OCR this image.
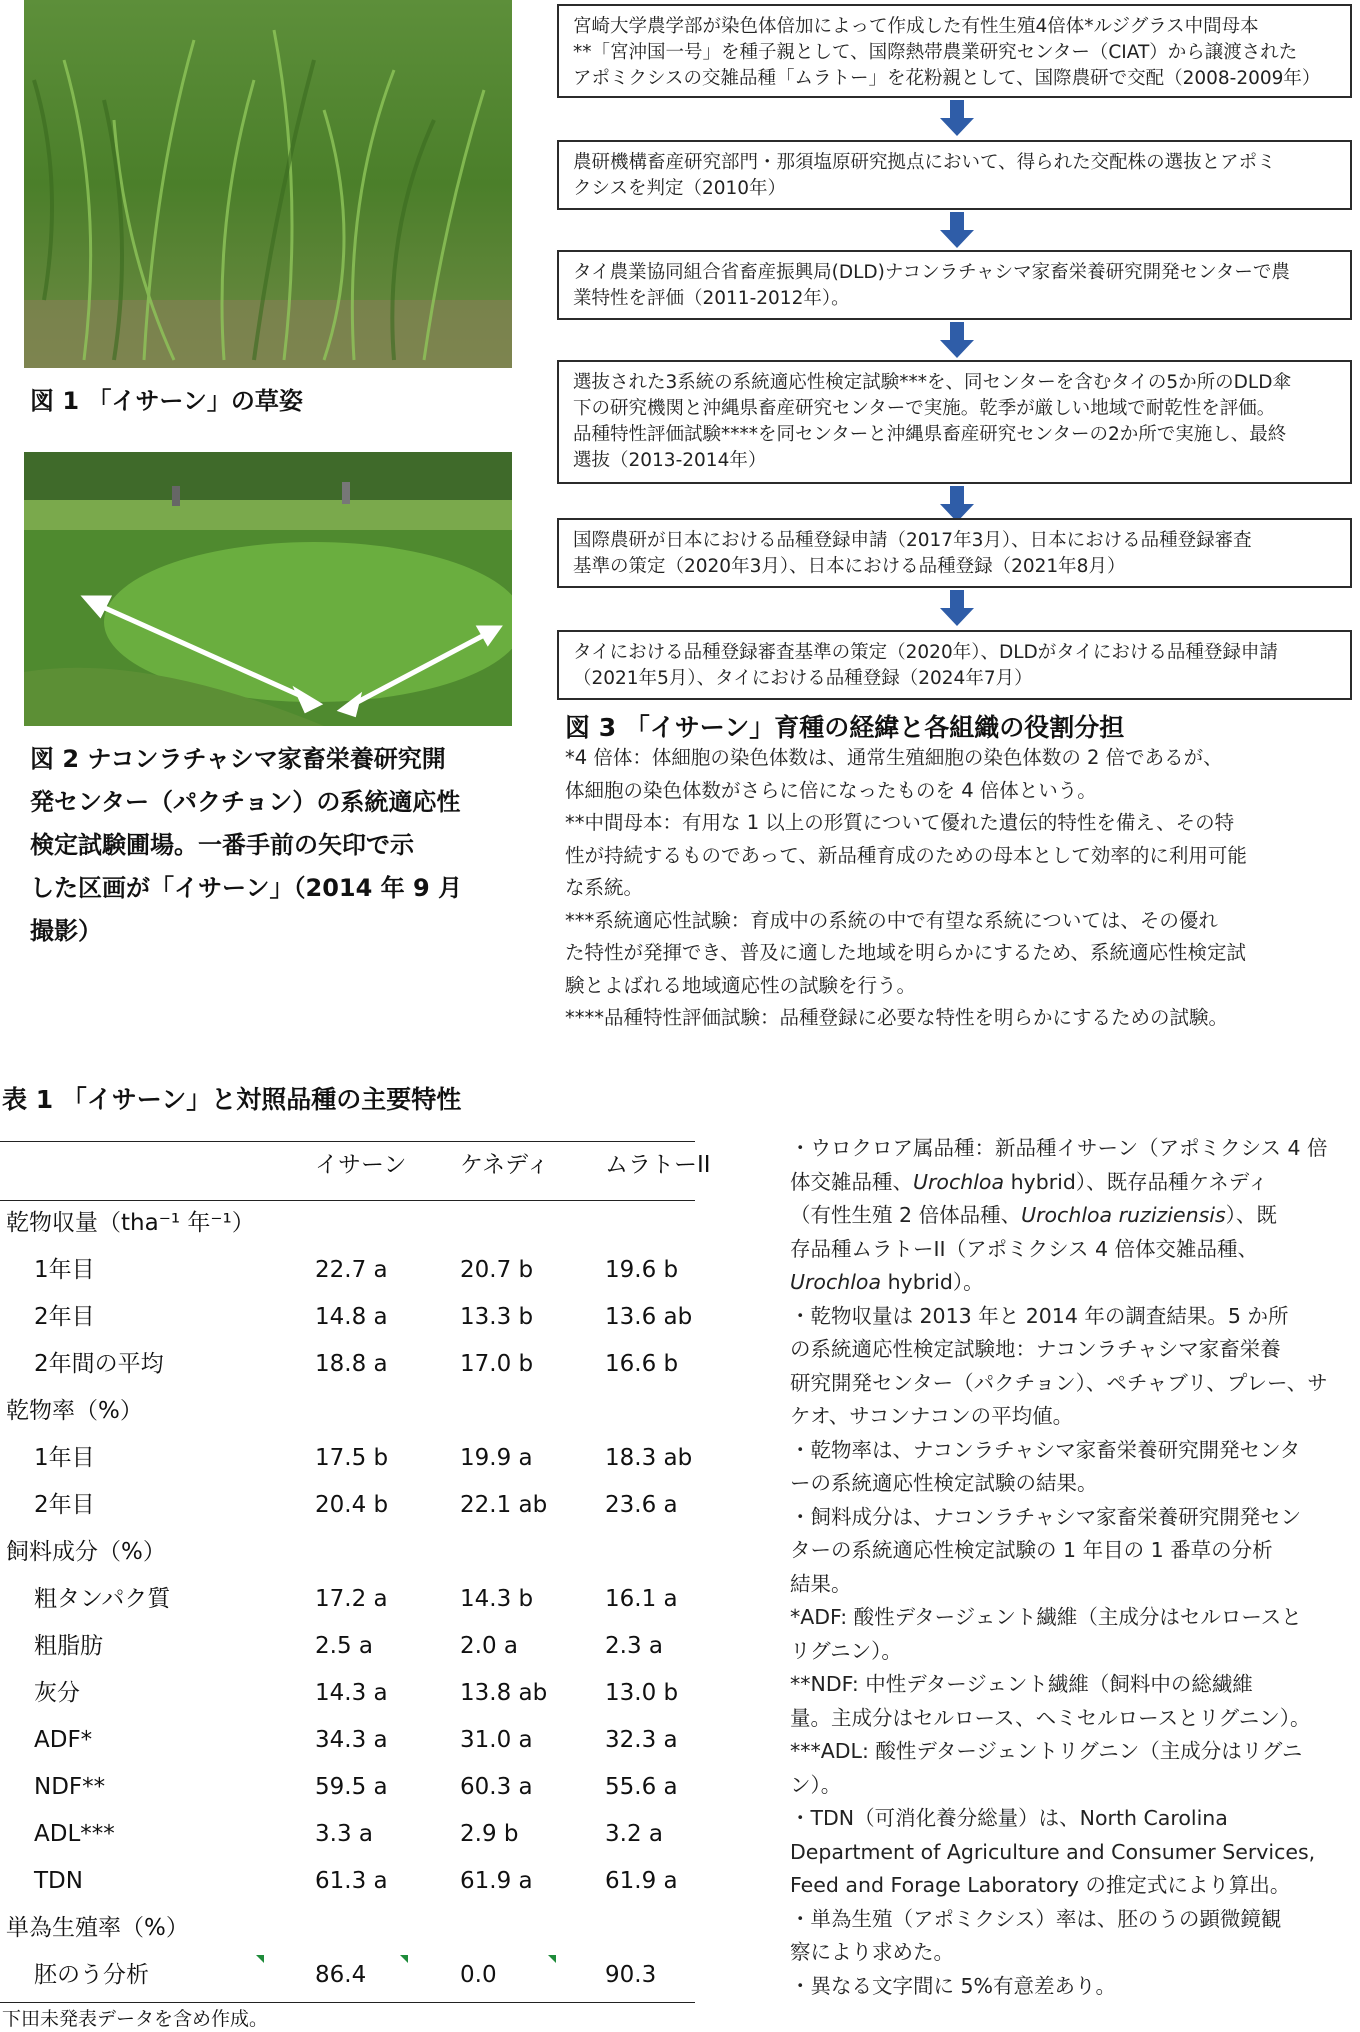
図 1 「イサーン」の草姿
図 2 ナコンラチャシマ家畜栄養研究開
発センター（パクチョン）の系統適応性
検定試験圃場。一番手前の矢印で示
した区画が「イサーン」（2014 年 9 月
撮影）
宮崎大学農学部が染色体倍加によって作成した有性生殖4倍体*ルジグラス中間母本
**「宮沖国一号」を種子親として、国際熱帯農業研究センター（CIAT）から譲渡された
アポミクシスの交雑品種「ムラトー」を花粉親として、国際農研で交配（2008-2009年）
農研機構畜産研究部門・那須塩原研究拠点において、得られた交配株の選抜とアポミ
クシスを判定（2010年）
タイ農業協同組合省畜産振興局(DLD)ナコンラチャシマ家畜栄養研究開発センターで農
業特性を評価（2011-2012年）。
選抜された3系統の系統適応性検定試験***を、同センターを含むタイの5か所のDLD傘
下の研究機関と沖縄県畜産研究センターで実施。乾季が厳しい地域で耐乾性を評価。
品種特性評価試験****を同センターと沖縄県畜産研究センターの2か所で実施し、最終
選抜（2013-2014年）
国際農研が日本における品種登録申請（2017年3月）、日本における品種登録審査
基準の策定（2020年3月）、日本における品種登録（2021年8月）
タイにおける品種登録審査基準の策定（2020年）、DLDがタイにおける品種登録申請
（2021年5月）、タイにおける品種登録（2024年7月）
図 3 「イサーン」育種の経緯と各組織の役割分担

*4 倍体：体細胞の染色体数は、通常生殖細胞の染色体数の 2 倍であるが、

体細胞の染色体数がさらに倍になったものを 4 倍体という。

**中間母本：有用な 1 以上の形質について優れた遺伝的特性を備え、その特

性が持続するものであって、新品種育成のための母本として効率的に利用可能

な系統。

***系統適応性試験：育成中の系統の中で有望な系統については、その優れ

た特性が発揮でき、普及に適した地域を明らかにするため、系統適応性検定試

験とよばれる地域適応性の試験を行う。

****品種特性評価試験：品種登録に必要な特性を明らかにするための試験。

表 1 「イサーン」と対照品種の主要特性
イサーン ケネディ ムラトーII
乾物収量（tha⁻¹ 年⁻¹）
1年目	22.7 a	20.7 b	19.6 b
2年目	14.8 a	13.3 b	13.6 ab
2年間の平均	18.8 a	17.0 b	16.6 b
乾物率（%）
1年目	17.5 b	19.9 a	18.3 ab
2年目	20.4 b	22.1 ab	23.6 a
飼料成分（%）
粗タンパク質	17.2 a	14.3 b	16.1 a
粗脂肪	2.5 a	2.0 a	2.3 a
灰分	14.3 a	13.8 ab	13.0 b
ADF*	34.3 a	31.0 a	32.3 a
NDF**	59.5 a	60.3 a	55.6 a
ADL***	3.3 a	2.9 b	3.2 a
TDN	61.3 a	61.9 a	61.9 a
単為生殖率（%）
胚のう分析	86.4	0.0	90.3
下田未発表データを含め作成。

・ウロクロア属品種：新品種イサーン（アポミクシス 4 倍

体交雑品種、Urochloa hybrid）、既存品種ケネディ

（有性生殖 2 倍体品種、Urochloa ruziziensis）、既

存品種ムラトーII（アポミクシス 4 倍体交雑品種、

Urochloa hybrid）。

・乾物収量は 2013 年と 2014 年の調査結果。5 か所

の系統適応性検定試験地：ナコンラチャシマ家畜栄養

研究開発センター（パクチョン）、ペチャブリ、プレー、サ

ケオ、サコンナコンの平均値。

・乾物率は、ナコンラチャシマ家畜栄養研究開発センタ

ーの系統適応性検定試験の結果。

・飼料成分は、ナコンラチャシマ家畜栄養研究開発セン

ターの系統適応性検定試験の 1 年目の 1 番草の分析

結果。

*ADF: 酸性デタージェント繊維（主成分はセルロースと

リグニン）。

**NDF: 中性デタージェント繊維（飼料中の総繊維

量。主成分はセルロース、ヘミセルロースとリグニン）。

***ADL: 酸性デタージェントリグニン（主成分はリグニ

ン）。

・TDN（可消化養分総量）は、North Carolina

Department of Agriculture and Consumer Services,

Feed and Forage Laboratory の推定式により算出。

・単為生殖（アポミクシス）率は、胚のうの顕微鏡観

察により求めた。

・異なる文字間に 5%有意差あり。
